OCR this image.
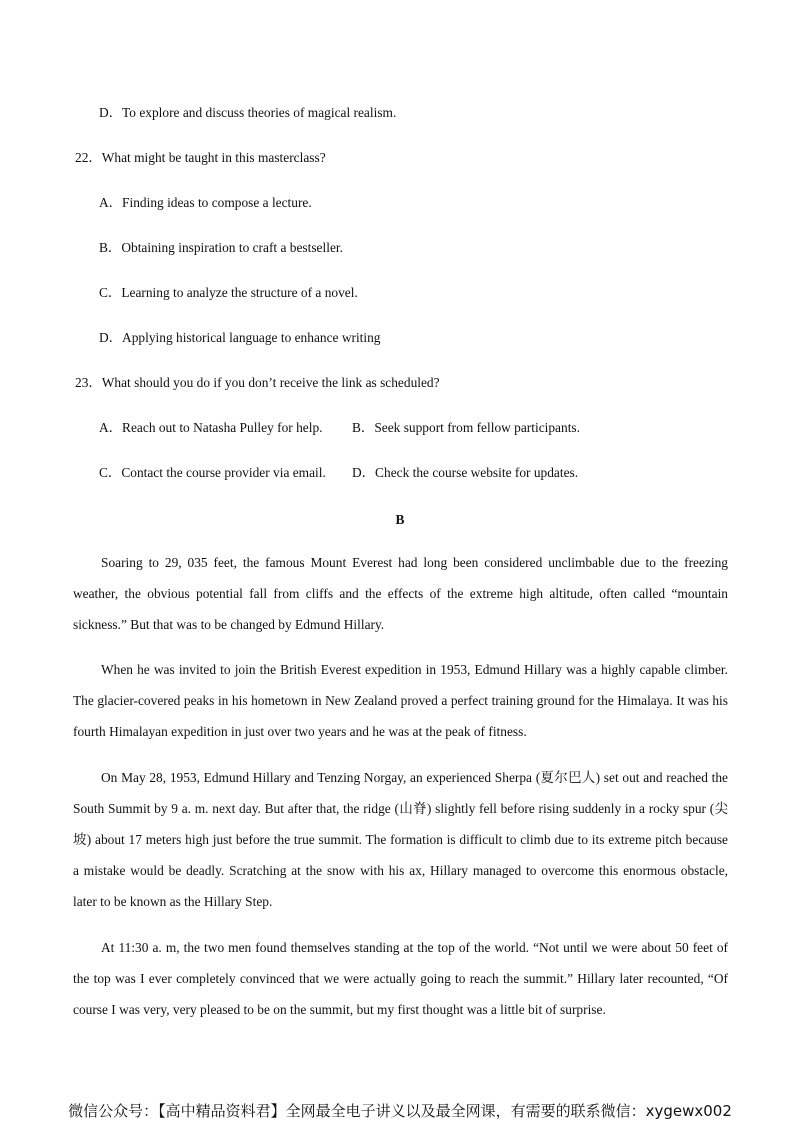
D．To explore and discuss theories of magical realism.
22．What might be taught in this masterclass?
A．Finding ideas to compose a lecture.
B．Obtaining inspiration to craft a bestseller.
C．Learning to analyze the structure of a novel.
D．Applying historical language to enhance writing
23．What should you do if you don’t receive the link as scheduled?
A．Reach out to Natasha Pulley for help. B．Seek support from fellow participants.
C．Contact the course provider via email. D．Check the course website for updates.
B

Soaring to 29, 035 feet, the famous Mount Everest had long been considered unclimbable due to the freezing weather, the obvious potential fall from cliffs and the effects of the extreme high altitude, often called “mountain sickness.” But that was to be changed by Edmund Hillary.

When he was invited to join the British Everest expedition in 1953, Edmund Hillary was a highly capable climber. The glacier-covered peaks in his hometown in New Zealand proved a perfect training ground for the Himalaya. It was his fourth Himalayan expedition in just over two years and he was at the peak of fitness.

On May 28, 1953, Edmund Hillary and Tenzing Norgay, an experienced Sherpa (夏尔巴人) set out and reached the South Summit by 9 a. m. next day. But after that, the ridge (山脊) slightly fell before rising suddenly in a rocky spur (尖坡) about 17 meters high just before the true summit. The formation is difficult to climb due to its extreme pitch because a mistake would be deadly. Scratching at the snow with his ax, Hillary managed to overcome this enormous obstacle, later to be known as the Hillary Step.

At 11:30 a. m, the two men found themselves standing at the top of the world. “Not until we were about 50 feet of the top was I ever completely convinced that we were actually going to reach the summit.” Hillary later recounted, “Of course I was very, very pleased to be on the summit, but my first thought was a little bit of surprise.

微信公众号：【高中精品资料君】全网最全电子讲义以及最全网课，有需要的联系微信：xygewx002
